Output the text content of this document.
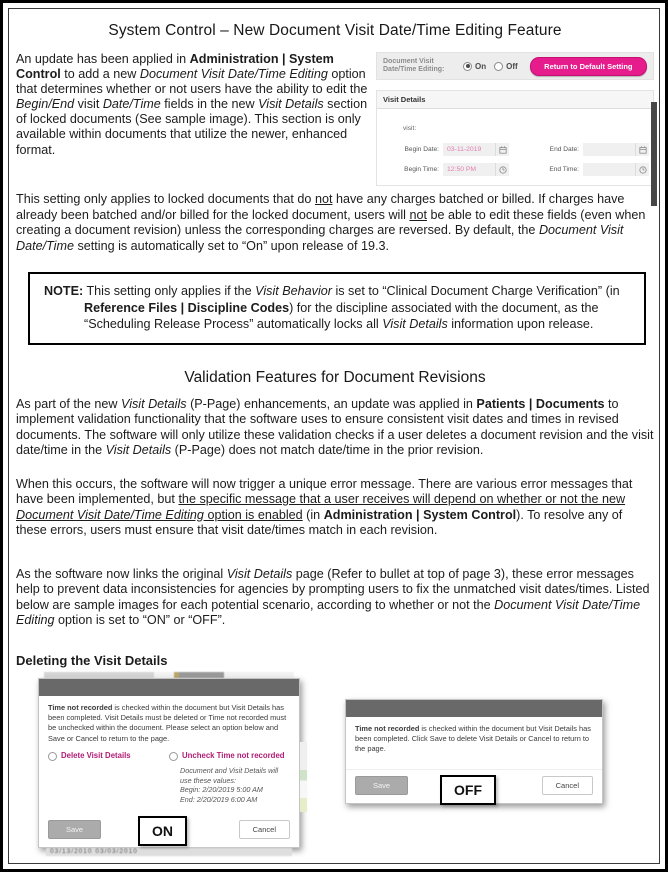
System Control – New Document Visit Date/Time Editing Feature
An update has been applied in Administration | System Control to add a new Document Visit Date/Time Editing option that determines whether or not users have the ability to edit the Begin/End visit Date/Time fields in the new Visit Details section of locked documents (See sample image). This section is only available within documents that utilize the newer, enhanced format.
Document Visit Date/Time Editing:	On	Off	Return to Default Setting
Visit Details
visit:
Begin Date:	03-11-2019	End Date:
Begin Time:	12:50 PM	End Time:
This setting only applies to locked documents that do not have any charges batched or billed. If charges have already been batched and/or billed for the locked document, users will not be able to edit these fields (even when creating a document revision) unless the corresponding charges are reversed. By default, the Document Visit Date/Time setting is automatically set to “On” upon release of 19.3.
NOTE: This setting only applies if the Visit Behavior is set to “Clinical Document Charge Verification” (in Reference Files | Discipline Codes) for the discipline associated with the document, as the “Scheduling Release Process” automatically locks all Visit Details information upon release.
Validation Features for Document Revisions
As part of the new Visit Details (P-Page) enhancements, an update was applied in Patients | Documents to implement validation functionality that the software uses to ensure consistent visit dates and times in revised documents. The software will only utilize these validation checks if a user deletes a document revision and the visit date/time in the Visit Details (P-Page) does not match date/time in the prior revision.
When this occurs, the software will now trigger a unique error message. There are various error messages that have been implemented, but the specific message that a user receives will depend on whether or not the new Document Visit Date/Time Editing option is enabled (in Administration | System Control). To resolve any of these errors, users must ensure that visit date/times match in each revision.
As the software now links the original Visit Details page (Refer to bullet at top of page 3), these error messages help to prevent data inconsistencies for agencies by prompting users to fix the unmatched visit dates/times. Listed below are sample images for each potential scenario, according to whether or not the Document Visit Date/Time Editing option is set to “ON” or “OFF”.
Deleting the Visit Details
Time not recorded is checked within the document but Visit Details has been completed. Visit Details must be deleted or Time not recorded must be unchecked within the document. Please select an option below and Save or Cancel to return to the page.
Delete Visit Details	Uncheck Time not recorded
Document and Visit Details will use these values:
Begin: 2/20/2019 5:00 AM
End: 2/20/2019 6:00 AM
Save	Cancel
03/13/2010 03/03/2010
ON
Time not recorded is checked within the document but Visit Details has been completed. Click Save to delete Visit Details or Cancel to return to the page.
Save	Cancel
OFF
